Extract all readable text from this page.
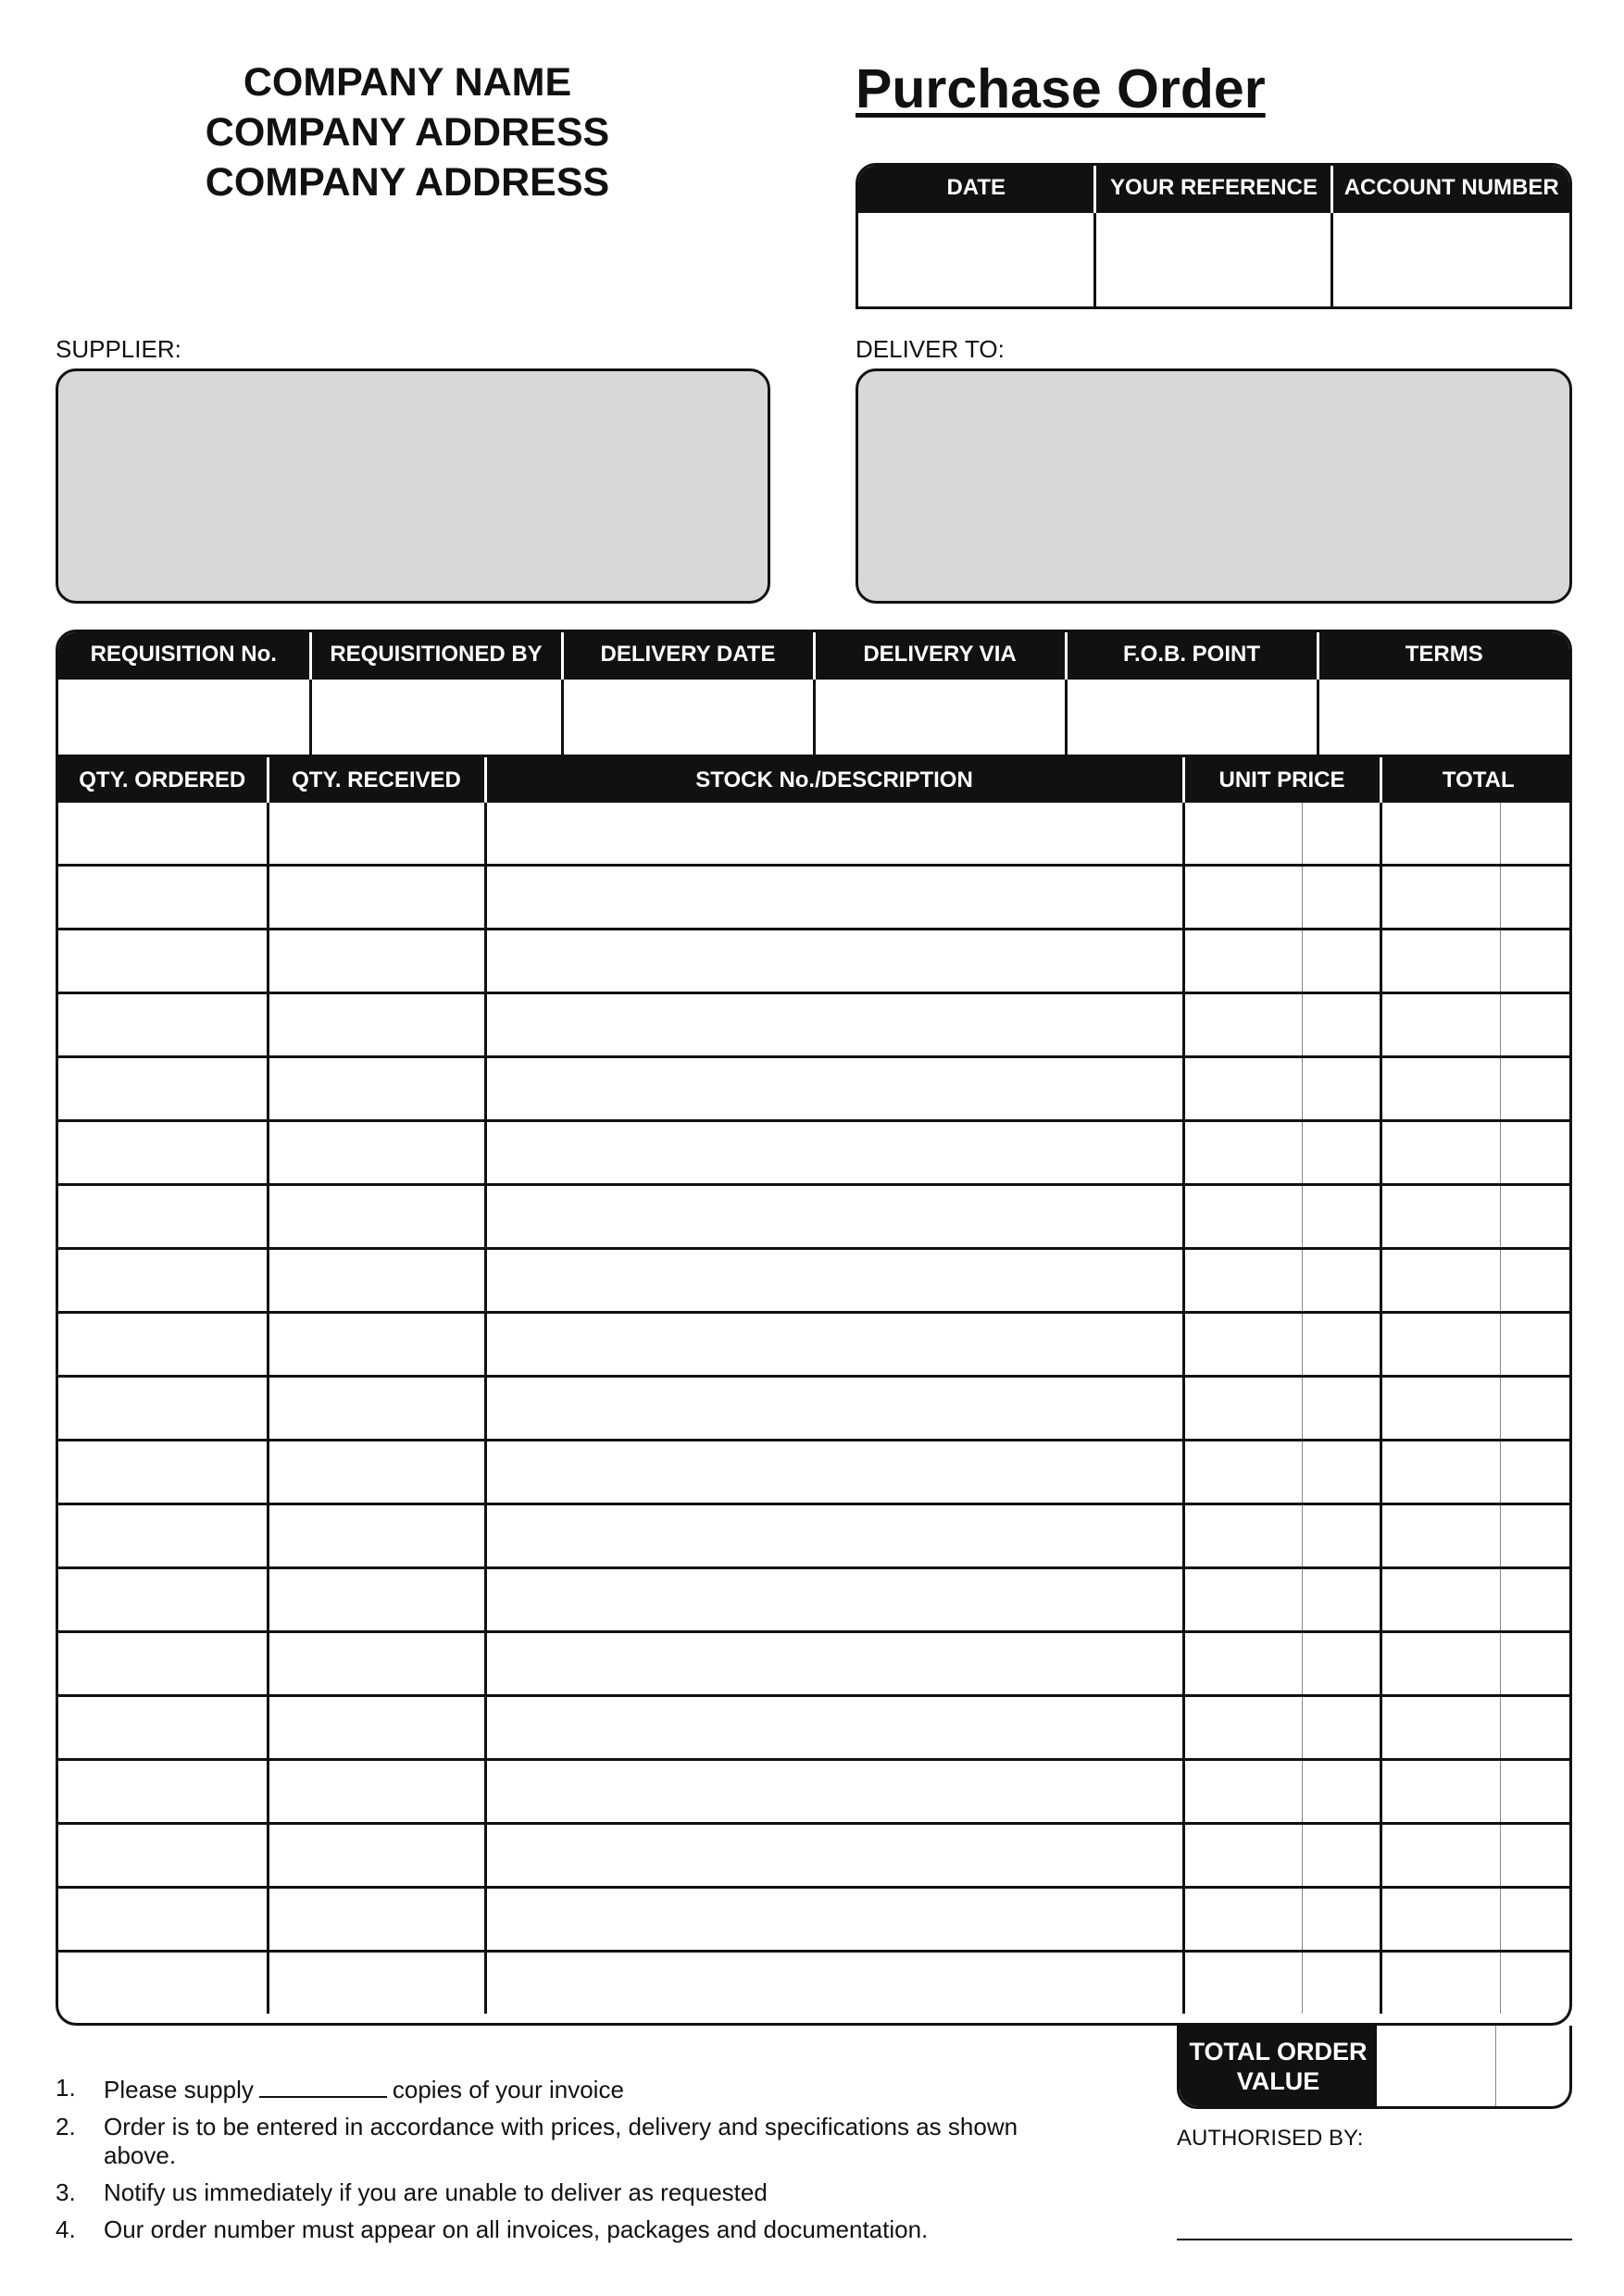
COMPANY NAME
COMPANY ADDRESS
COMPANY ADDRESS
Purchase Order
DATE	YOUR REFERENCE	ACCOUNT NUMBER

SUPPLIER:	DELIVER TO:
REQUISITION No.	REQUISITIONED BY	DELIVERY DATE	DELIVERY VIA	F.O.B. POINT	TERMS

QTY. ORDERED	QTY. RECEIVED	STOCK No./DESCRIPTION	UNIT PRICE		TOTAL	

TOTAL ORDER VALUE
1.	Please supply	copies of your invoice
2.	Order is to be entered in accordance with prices, delivery and specifications as shown above.
3.	Notify us immediately if you are unable to deliver as requested
4.	Our order number must appear on all invoices, packages and documentation.
AUTHORISED BY:
